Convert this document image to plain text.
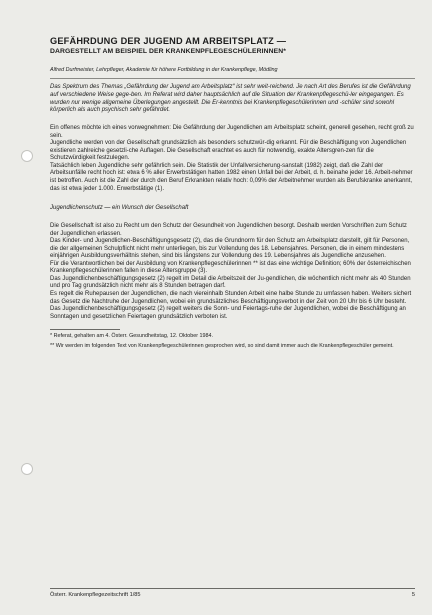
GEFÄHRDUNG DER JUGEND AM ARBEITSPLATZ —
DARGESTELLT AM BEISPIEL DER KRANKENPFLEGESCHÜLERINNEN*
Alfred Durfmeister, Lehrpfleger, Akademie für höhere Fortbildung in der Krankenpflege, Mödling
Das Spektrum des Themas „Gefährdung der Jugend am Arbeitsplatz“ ist sehr weit-reichend. Je nach Art des Berufes ist die Gefährdung auf verschiedene Weise gege-ben. Im Referat wird daher hauptsächlich auf die Situation der Krankenpflegeschü-ler eingegangen. Es wurden nur wenige allgemeine Überlegungen angestellt. Die Er-kenntnis bei Krankenpflegeschülerinnen und -schüler sind sowohl körperlich als auch psychisch sehr gefährdet.

Ein offenes möchte ich eines vorwegnehmen: Die Gefährdung der Jugendlichen am Arbeitsplatz scheint, generell gesehen, recht groß zu sein.

Jugendliche werden von der Gesellschaft grundsätzlich als besonders schutzwür-dig erkannt. Für die Beschäftigung von Jugendlichen existieren zahlreiche gesetzli-che Auflagen. Die Gesellschaft erachtet es auch für notwendig, exakte Altersgren-zen für die Schutzwürdigkeit festzulegen.

Tatsächlich leben Jugendliche sehr gefährlich sein. Die Statistik der Unfallversicherung-sanstalt (1982) zeigt, daß die Zahl der Arbeitsunfälle recht hoch ist: etwa 6 % aller Erwerbstätigen hatten 1982 einen Unfall bei der Arbeit, d. h. beinahe jeder 16. Arbeit-nehmer ist betroffen. Auch ist die Zahl der durch den Beruf Erkrankten relativ hoch: 0,09% der Arbeitnehmer wurden als Berufskranke anerkannt, das ist etwa jeder 1.000. Erwerbstätige (1).

Jugendlichenschutz — ein Wunsch der Gesellschaft

Die Gesellschaft ist also zu Recht um den Schutz der Gesundheit von Jugendlichen besorgt. Deshalb werden Vorschriften zum Schutz der Jugendlichen erlassen.

Das Kinder- und Jugendlichen-Beschäftigungsgesetz (2), das die Grundnorm für den Schutz am Arbeitsplatz darstellt, gilt für Personen, die der allgemeinen Schulpflicht nicht mehr unterliegen, bis zur Vollendung des 18. Lebensjahres. Personen, die in einem mindestens einjährigen Ausbildungsverhältnis stehen, sind bis längstens zur Vollendung des 19. Lebensjahres als Jugendliche anzusehen.

Für die Verantwortlichen bei der Ausbildung von Krankenpflegeschülerinnen ** ist das eine wichtige Definition; 60% der österreichischen Krankenpflegeschülerinnen fallen in diese Altersgruppe (3).

Das Jugendlichenbeschäftigungsgesetz (2) regelt im Detail die Arbeitszeit der Ju-gendlichen, die wöchentlich nicht mehr als 40 Stunden und pro Tag grundsätzlich nicht mehr als 8 Stunden betragen darf.

Es regelt die Ruhepausen der Jugendlichen, die nach viereinhalb Stunden Arbeit eine halbe Stunde zu umfassen haben. Weiters sichert das Gesetz die Nachtruhe der Jugendlichen, wobei ein grundsätzliches Beschäftigungsverbot in der Zeit von 20 Uhr bis 6 Uhr besteht.

Das Jugendlichenbeschäftigungsgesetz (2) regelt weiters die Sonn- und Feiertags-ruhe der Jugendlichen, wobei die Beschäftigung an Sonntagen und gesetzlichen Feiertagen grundsätzlich verboten ist.

* Referat, gehalten am 4. Österr. Gesundheitstag, 12. Oktober 1984.

** Wir werden im folgenden Text von Krankenpflegeschülerinnen gesprochen wird, so sind damit immer auch die Krankenpflegeschüler gemeint.

Österr. Krankenpflegezeitschrift 1/85	5
